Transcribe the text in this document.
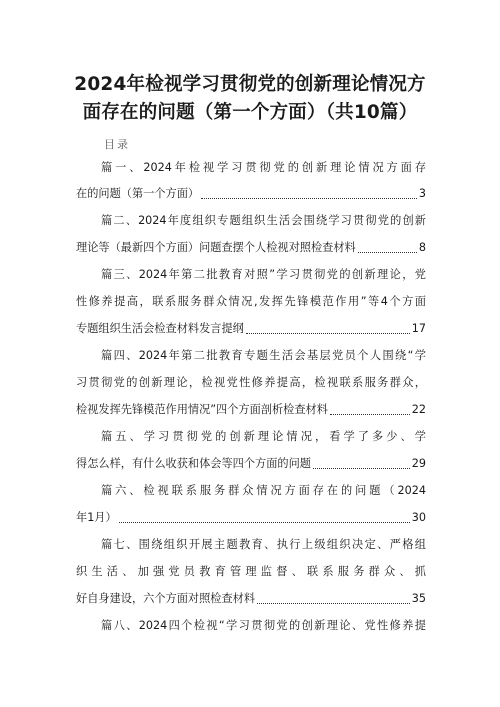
2024年检视学习贯彻党的创新理论情况方
面存在的问题（第一个方面）（共10篇）
目录
篇一、2024年检视学习贯彻党的创新理论情况方面存
在的问题（第一个方面）	3
篇二、2024年度组织专题组织生活会围绕学习贯彻党的创新
理论等（最新四个方面）问题查摆个人检视对照检查材料	8
篇三、2024年第二批教育对照”学习贯彻党的创新理论，党
性修养提高，联系服务群众情况,发挥先锋模范作用”等4个方面
专题组织生活会检查材料发言提纲	17
篇四、2024年第二批教育专题生活会基层党员个人围绕“学
习贯彻党的创新理论，检视党性修养提高，检视联系服务群众，
检视发挥先锋模范作用情况”四个方面剖析检查材料	22
篇五、学习贯彻党的创新理论情况，看学了多少、学
得怎么样，有什么收获和体会等四个方面的问题	29
篇六、检视联系服务群众情况方面存在的问题（2024
年1月）	30
篇七、围绕组织开展主题教育、执行上级组织决定、严格组
织生活、加强党员教育管理监督、联系服务群众、抓
好自身建设，六个方面对照检查材料	35
篇八、2024四个检视“学习贯彻党的创新理论、党性修养提
